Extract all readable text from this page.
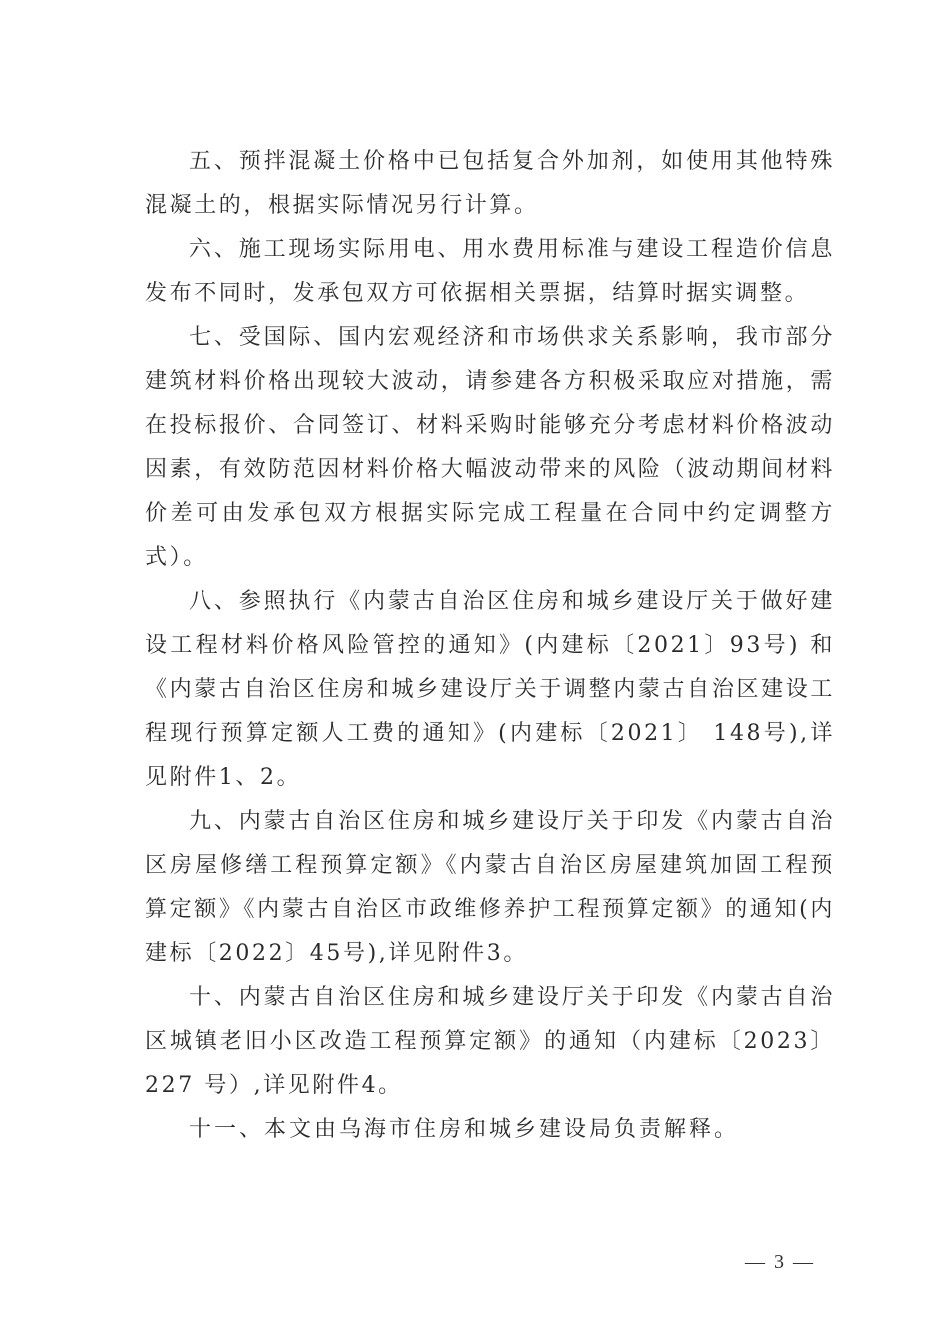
五、预拌混凝土价格中已包括复合外加剂，如使用其他特殊混凝土的，根据实际情况另行计算。

六、施工现场实际用电、用水费用标准与建设工程造价信息发布不同时，发承包双方可依据相关票据，结算时据实调整。

七、受国际、国内宏观经济和市场供求关系影响，我市部分建筑材料价格出现较大波动，请参建各方积极采取应对措施，需在投标报价、合同签订、材料采购时能够充分考虑材料价格波动因素，有效防范因材料价格大幅波动带来的风险（波动期间材料价差可由发承包双方根据实际完成工程量在合同中约定调整方式）。

八、参照执行《内蒙古自治区住房和城乡建设厅关于做好建设工程材料价格风险管控的通知》(内建标〔2021〕93号) 和《内蒙古自治区住房和城乡建设厅关于调整内蒙古自治区建设工程现行预算定额人工费的通知》(内建标〔2021〕 148号),详见附件1、2。

九、内蒙古自治区住房和城乡建设厅关于印发《内蒙古自治区房屋修缮工程预算定额》《内蒙古自治区房屋建筑加固工程预算定额》《内蒙古自治区市政维修养护工程预算定额》的通知(内建标〔2022〕45号),详见附件3。

十、内蒙古自治区住房和城乡建设厅关于印发《内蒙古自治区城镇老旧小区改造工程预算定额》的通知（内建标〔2023〕227 号）,详见附件4。

十一、本文由乌海市住房和城乡建设局负责解释。

— 3 —
